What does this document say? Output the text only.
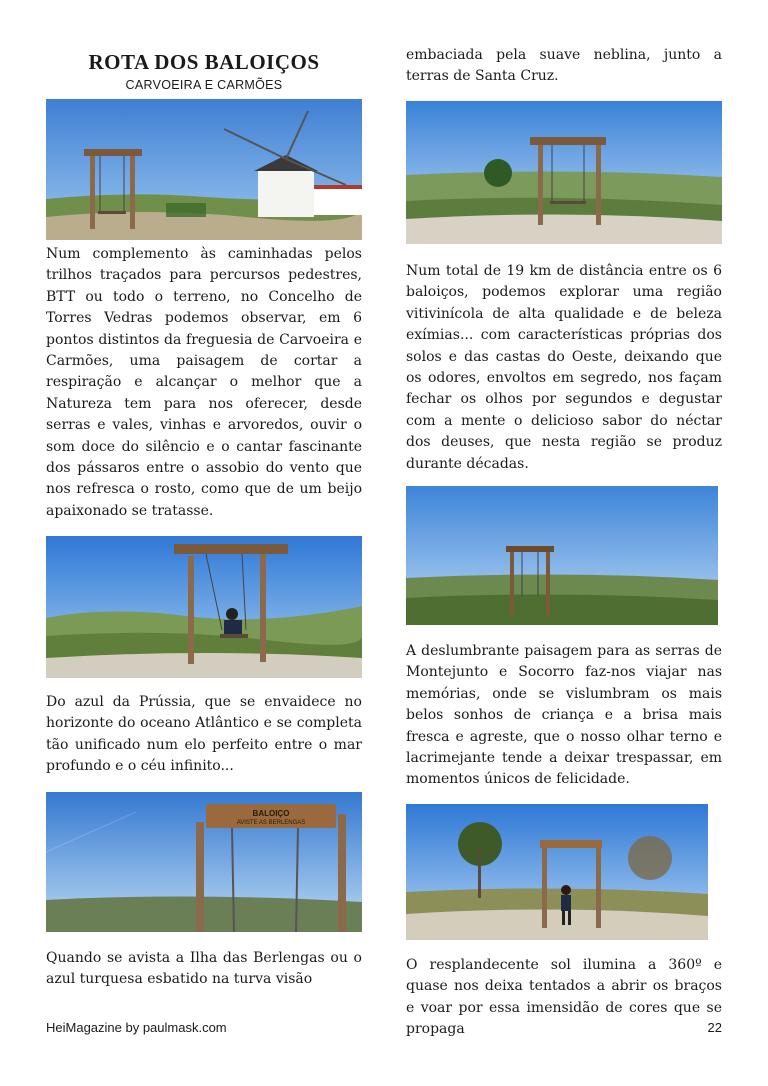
ROTA DOS BALOIÇOS

CARVOEIRA E CARMÕES

Num complemento às caminhadas pelos trilhos traçados para percursos pedestres, BTT ou todo o terreno, no Concelho de Torres Vedras podemos observar, em 6 pontos distintos da freguesia de Carvoeira e Carmões, uma paisagem de cortar a respiração e alcançar o melhor que a Natureza tem para nos oferecer, desde serras e vales, vinhas e arvoredos, ouvir o som doce do silêncio e o cantar fascinante dos pássaros entre o assobio do vento que nos refresca o rosto, como que de um beijo apaixonado se tratasse.

Do azul da Prússia, que se envaidece no horizonte do oceano Atlântico e se completa tão unificado num elo perfeito entre o mar profundo e o céu infinito...

BALOIÇO
AVISTE AS BERLENGAS

Quando se avista a Ilha das Berlengas ou o azul turquesa esbatido na turva visão

embaciada pela suave neblina, junto a terras de Santa Cruz.

Num total de 19 km de distância entre os 6 baloiços, podemos explorar uma região vitivinícola de alta qualidade e de beleza exímias... com características próprias dos solos e das castas do Oeste, deixando que os odores, envoltos em segredo, nos façam fechar os olhos por segundos e degustar com a mente o delicioso sabor do néctar dos deuses, que nesta região se produz durante décadas.

A deslumbrante paisagem para as serras de Montejunto e Socorro faz-nos viajar nas memórias, onde se vislumbram os mais belos sonhos de criança e a brisa mais fresca e agreste, que o nosso olhar terno e lacrimejante tende a deixar trespassar, em momentos únicos de felicidade.

O resplandecente sol ilumina a 360º e quase nos deixa tentados a abrir os braços e voar por essa imensidão de cores que se propaga

HeiMagazine by paulmask.com	22
